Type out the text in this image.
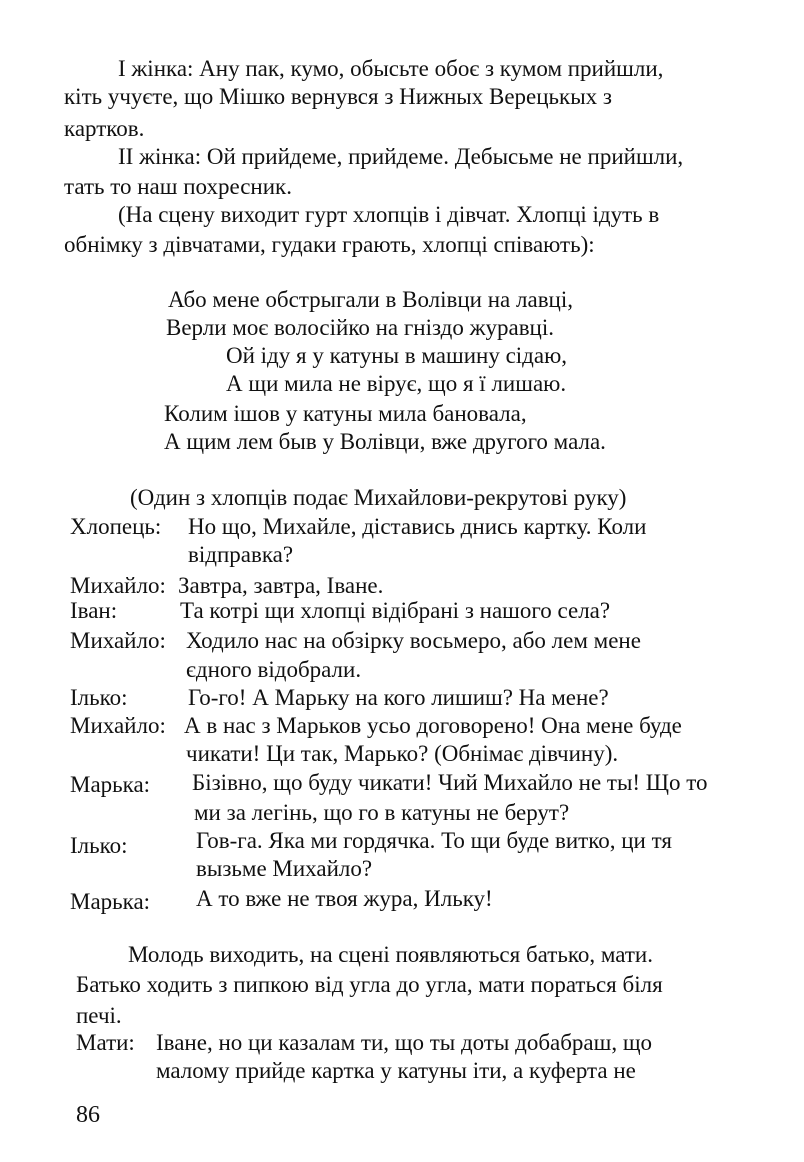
I жінка: Ану пак, кумо, обысьте обоє з кумом прийшли,
кіть учуєте, що Мішко вернувся з Нижных Верецькых з
картков.
II жінка: Ой прийдеме, прийдеме. Дебысьме не прийшли,
тать то наш похресник.
(На сцену виходит гурт хлопців і дівчат. Хлопці ідуть в
обнімку з дівчатами, гудаки грають, хлопці співають):
Або мене обстрыгали в Волівци на лавці,
Верли моє волосійко на гніздо журавці.
Ой іду я у катуны в машину сідаю,
А щи мила не вірує, що я ї лишаю.
Колим ішов у катуны мила бановала,
А щим лем быв у Волівци, вже другого мала.
(Один з хлопців подає Михайлови-рекрутові руку)
Хлопець: Но що, Михайле, діставись днись картку. Коли
відправка?
Михайло: Завтра, завтра, Іване.
Іван:	Та котрі щи хлопці відібрані з нашого села?
Михайло: Ходило нас на обзірку восьмеро, або лем мене
єдного відобрали.
Ілько:	Го-го! А Марьку на кого лишиш? На мене?
Михайло: А в нас з Марьков усьо договорено! Она мене буде
чикати! Ци так, Марько? (Обнімає дівчину).
Марька: Бізівно, що буду чикати! Чий Михайло не ты! Що то
ми за легінь, що го в катуны не берут?
Ілько:	Гов-га. Яка ми гордячка. То щи буде витко, ци тя
вызьме Михайло?
Марька: А то вже не твоя жура, Ильку!
Молодь виходить, на сцені появляються батько, мати.
Батько ходить з пипкою від угла до угла, мати пораться біля
печі.
Мати: Іване, но ци казалам ти, що ты доты добабраш, що
малому прийде картка у катуны іти, а куферта не
86
